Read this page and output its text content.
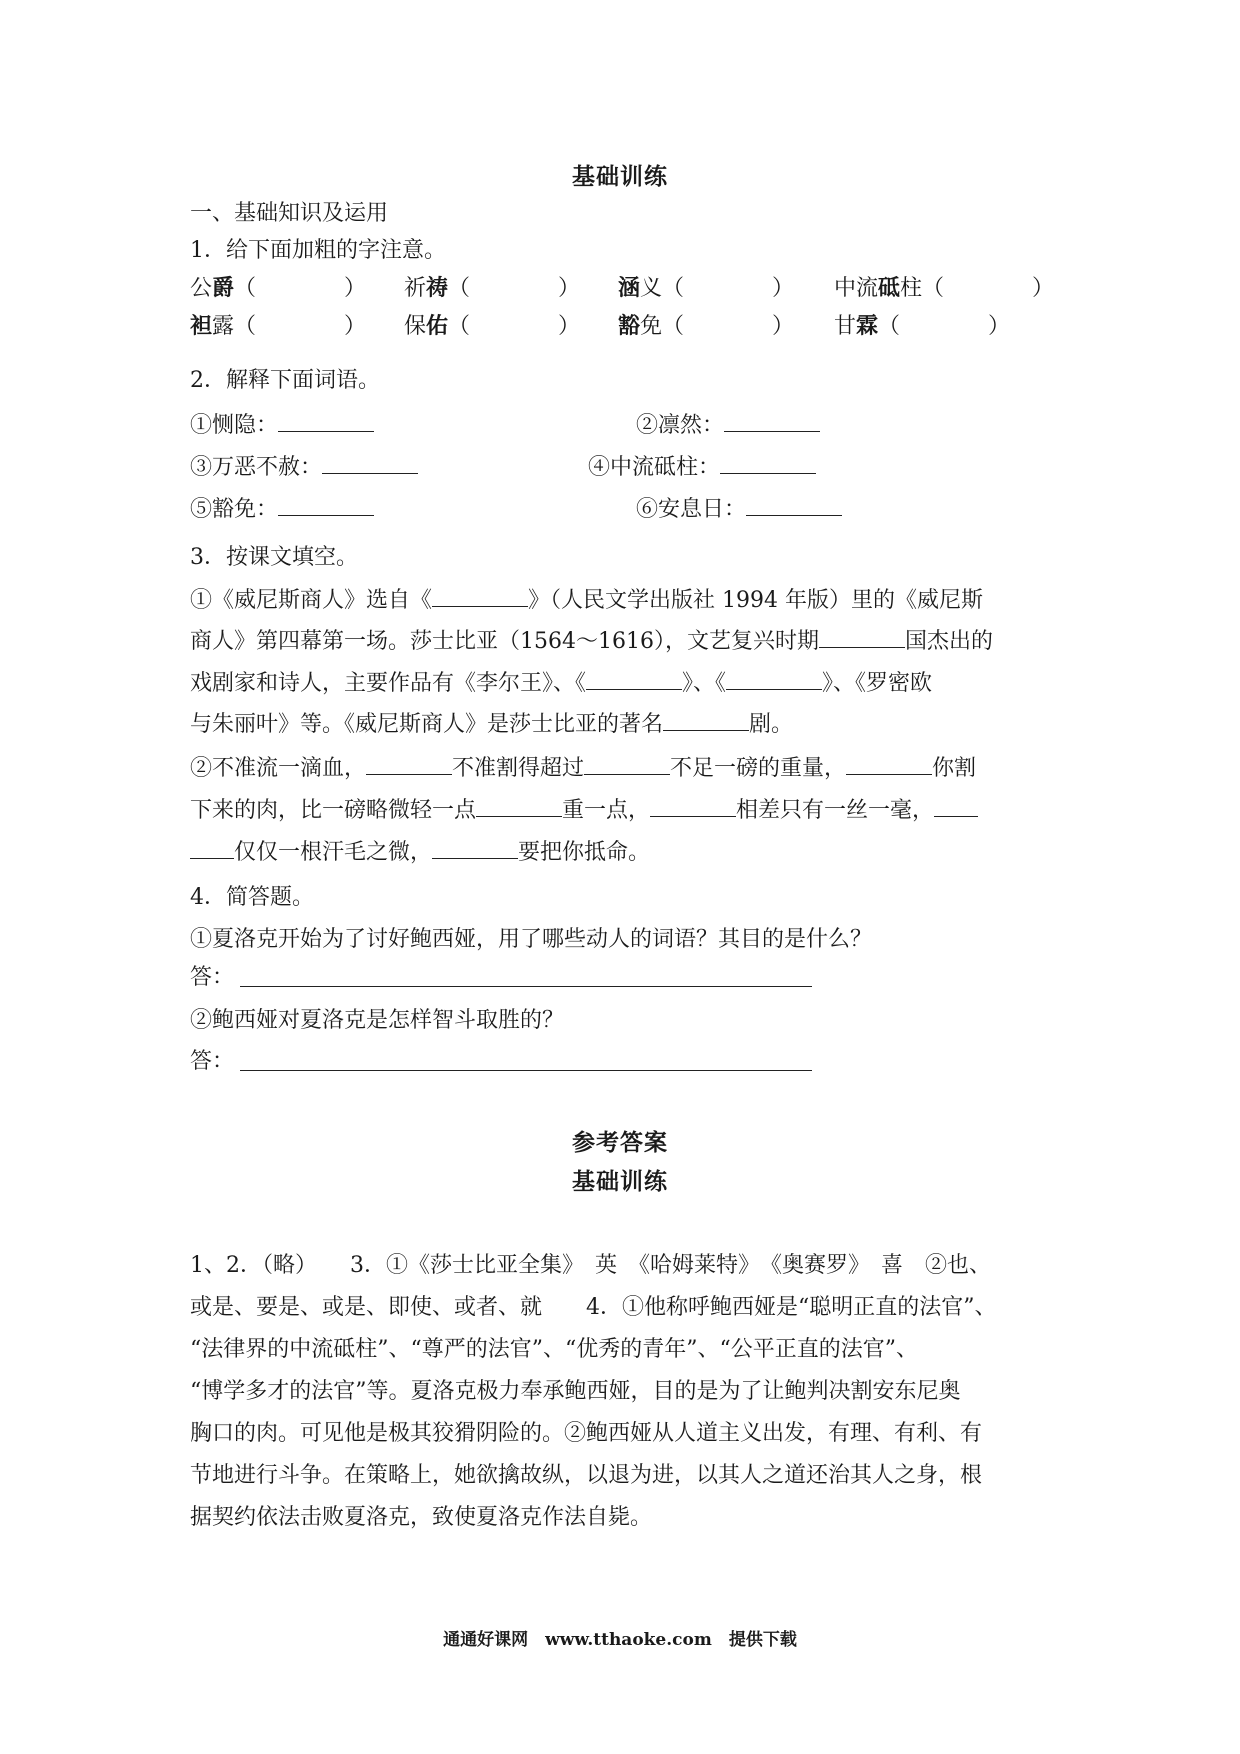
基础训练
一、基础知识及运用
1．给下面加粗的字注意。
公爵（　　　　） 祈祷（　　　　） 涵义（　　　　） 中流砥柱（　　　　）
袒露（　　　　） 保佑（　　　　） 豁免（　　　　） 甘霖（　　　　）
2．解释下面词语。
①恻隐：	②凛然：
③万恶不赦：	④中流砥柱：
⑤豁免：	⑥安息日：
3．按课文填空。
①《威尼斯商人》选自《	》（人民文学出版社 1994 年版）里的《威尼斯
商人》第四幕第一场。莎士比亚（1564～1616），文艺复兴时期	国杰出的
戏剧家和诗人，主要作品有《李尔王》、《	》、《	》、《罗密欧
与朱丽叶》等。《威尼斯商人》是莎士比亚的著名	剧。
②不准流一滴血，	不准割得超过	不足一磅的重量，	你割
下来的肉，比一磅略微轻一点	重一点，	相差只有一丝一毫，
仅仅一根汗毛之微，	要把你抵命。
4．简答题。
①夏洛克开始为了讨好鲍西娅，用了哪些动人的词语？其目的是什么？
答：
②鲍西娅对夏洛克是怎样智斗取胜的？
答：
参考答案
基础训练
1、2．（略）　　3．①《莎士比亚全集》　英　《哈姆莱特》　《奥赛罗》　喜　②也、
或是、要是、或是、即使、或者、就　　4．①他称呼鲍西娅是“聪明正直的法官”、
“法律界的中流砥柱”、“尊严的法官”、“优秀的青年”、“公平正直的法官”、
“博学多才的法官”等。夏洛克极力奉承鲍西娅，目的是为了让鲍判决割安东尼奥
胸口的肉。可见他是极其狡猾阴险的。②鲍西娅从人道主义出发，有理、有利、有
节地进行斗争。在策略上，她欲擒故纵，以退为进，以其人之道还治其人之身，根
据契约依法击败夏洛克，致使夏洛克作法自毙。
通通好课网　www.tthaoke.com　提供下载
